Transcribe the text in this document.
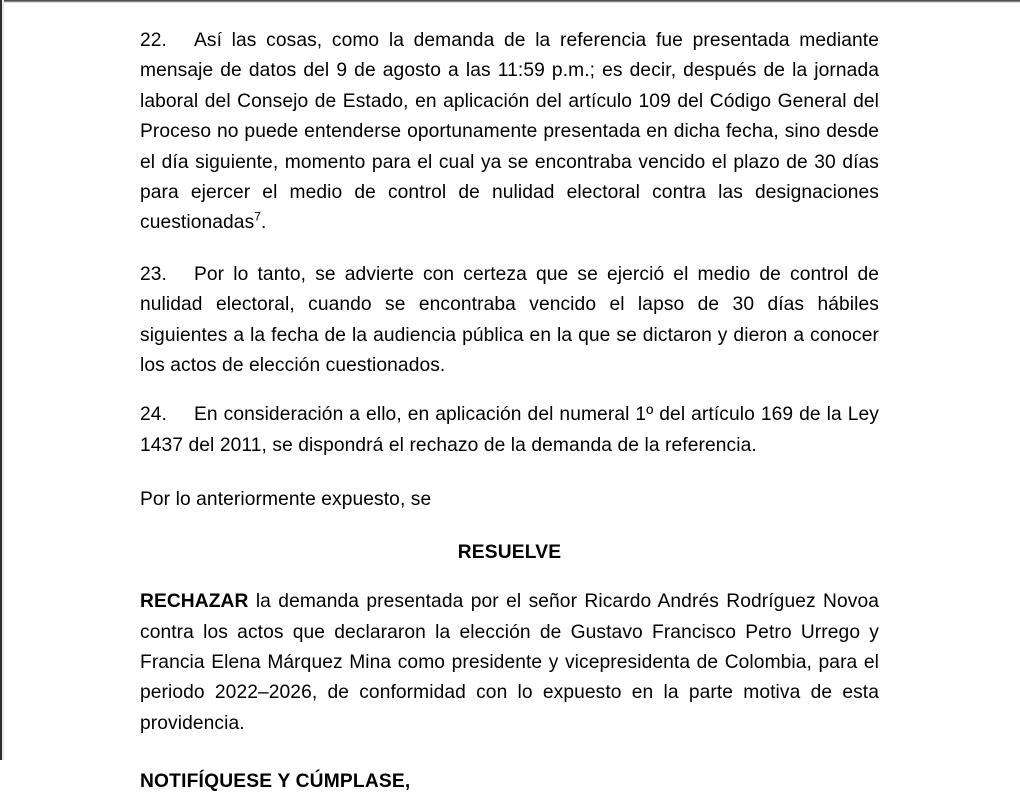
22. Así las cosas, como la demanda de la referencia fue presentada mediante mensaje de datos del 9 de agosto a las 11:59 p.m.; es decir, después de la jornada laboral del Consejo de Estado, en aplicación del artículo 109 del Código General del Proceso no puede entenderse oportunamente presentada en dicha fecha, sino desde el día siguiente, momento para el cual ya se encontraba vencido el plazo de 30 días para ejercer el medio de control de nulidad electoral contra las designaciones cuestionadas$^7$.

23. Por lo tanto, se advierte con certeza que se ejerció el medio de control de nulidad electoral, cuando se encontraba vencido el lapso de 30 días hábiles siguientes a la fecha de la audiencia pública en la que se dictaron y dieron a conocer los actos de elección cuestionados.

24. En consideración a ello, en aplicación del numeral 1º del artículo 169 de la Ley 1437 del 2011, se dispondrá el rechazo de la demanda de la referencia.

Por lo anteriormente expuesto, se

RESUELVE

RECHAZAR la demanda presentada por el señor Ricardo Andrés Rodríguez Novoa contra los actos que declararon la elección de Gustavo Francisco Petro Urrego y Francia Elena Márquez Mina como presidente y vicepresidenta de Colombia, para el periodo 2022–2026, de conformidad con lo expuesto en la parte motiva de esta providencia.

NOTIFÍQUESE Y CÚMPLASE,
